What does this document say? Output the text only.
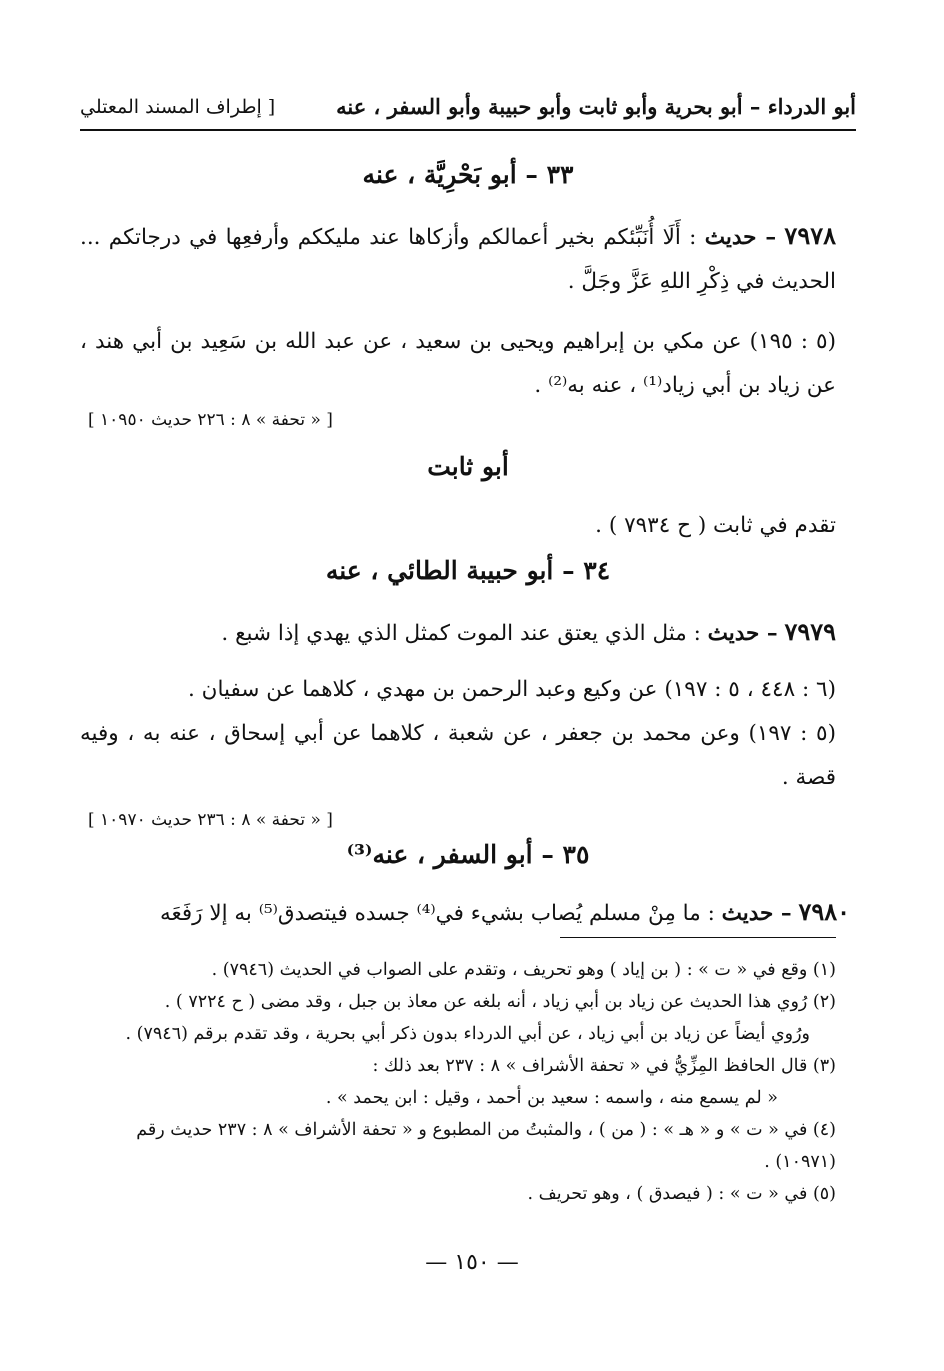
أبو الدرداء – أبو بحرية وأبو ثابت وأبو حبيبة وأبو السفر ، عنه
[ إطراف المسند المعتلي
٣٣ – أبو بَحْرِيَّة ، عنه
٧٩٧٨ – حديث : أَلَا أُنَبِّئكم بخير أعمالكم وأزكاها عند مليككم وأرفعِها في درجاتكم ... الحديث في ذِكْرِ اللهِ عَزَّ وجَلَّ .
(٥ : ١٩٥) عن مكي بن إبراهيم ويحيى بن سعيد ، عن عبد الله بن سَعِيد بن أبي هند ، عن زياد بن أبي زياد⁽¹⁾ ، عنه به⁽²⁾ .
[ « تحفة » ٨ : ٢٢٦ حديث ١٠٩٥٠ ]
أبو ثابت
تقدم في ثابت ( ح ٧٩٣٤ ) .
٣٤ – أبو حبيبة الطائي ، عنه
٧٩٧٩ – حديث : مثل الذي يعتق عند الموت كمثل الذي يهدي إذا شبع .
(٦ : ٤٤٨ ، ٥ : ١٩٧) عن وكيع وعبد الرحمن بن مهدي ، كلاهما عن سفيان .
(٥ : ١٩٧) وعن محمد بن جعفر ، عن شعبة ، كلاهما عن أبي إسحاق ، عنه به ، وفيه قصة .
[ « تحفة » ٨ : ٢٣٦ حديث ١٠٩٧٠ ]
٣٥ – أبو السفر ، عنه⁽³⁾
٧٩٨٠ – حديث : ما مِنْ مسلم يُصاب بشيء في⁽⁴⁾ جسده فيتصدق⁽⁵⁾ به إلا رَفَعَه
(١) وقع في « ت » : ( بن إياد ) وهو تحريف ، وتقدم على الصواب في الحديث (٧٩٤٦) .
(٢) رُوي هذا الحديث عن زياد بن أبي زياد ، أنه بلغه عن معاذ بن جبل ، وقد مضى ( ح ٧٢٢٤ ) .
ورُوي أيضاً عن زياد بن أبي زياد ، عن أبي الدرداء بدون ذكر أبي بحرية ، وقد تقدم برقم (٧٩٤٦) .
(٣) قال الحافظ المِزِّيُّ في « تحفة الأشراف » ٨ : ٢٣٧ بعد ذلك :
« لم يسمع منه ، واسمه : سعيد بن أحمد ، وقيل : ابن يحمد » .
(٤) في « ت » و « هـ » : ( من ) ، والمثبتُ من المطبوع و « تحفة الأشراف » ٨ : ٢٣٧ حديث رقم (١٠٩٧١) .
(٥) في « ت » : ( فيصدق ) ، وهو تحريف .
— ١٥٠ —
